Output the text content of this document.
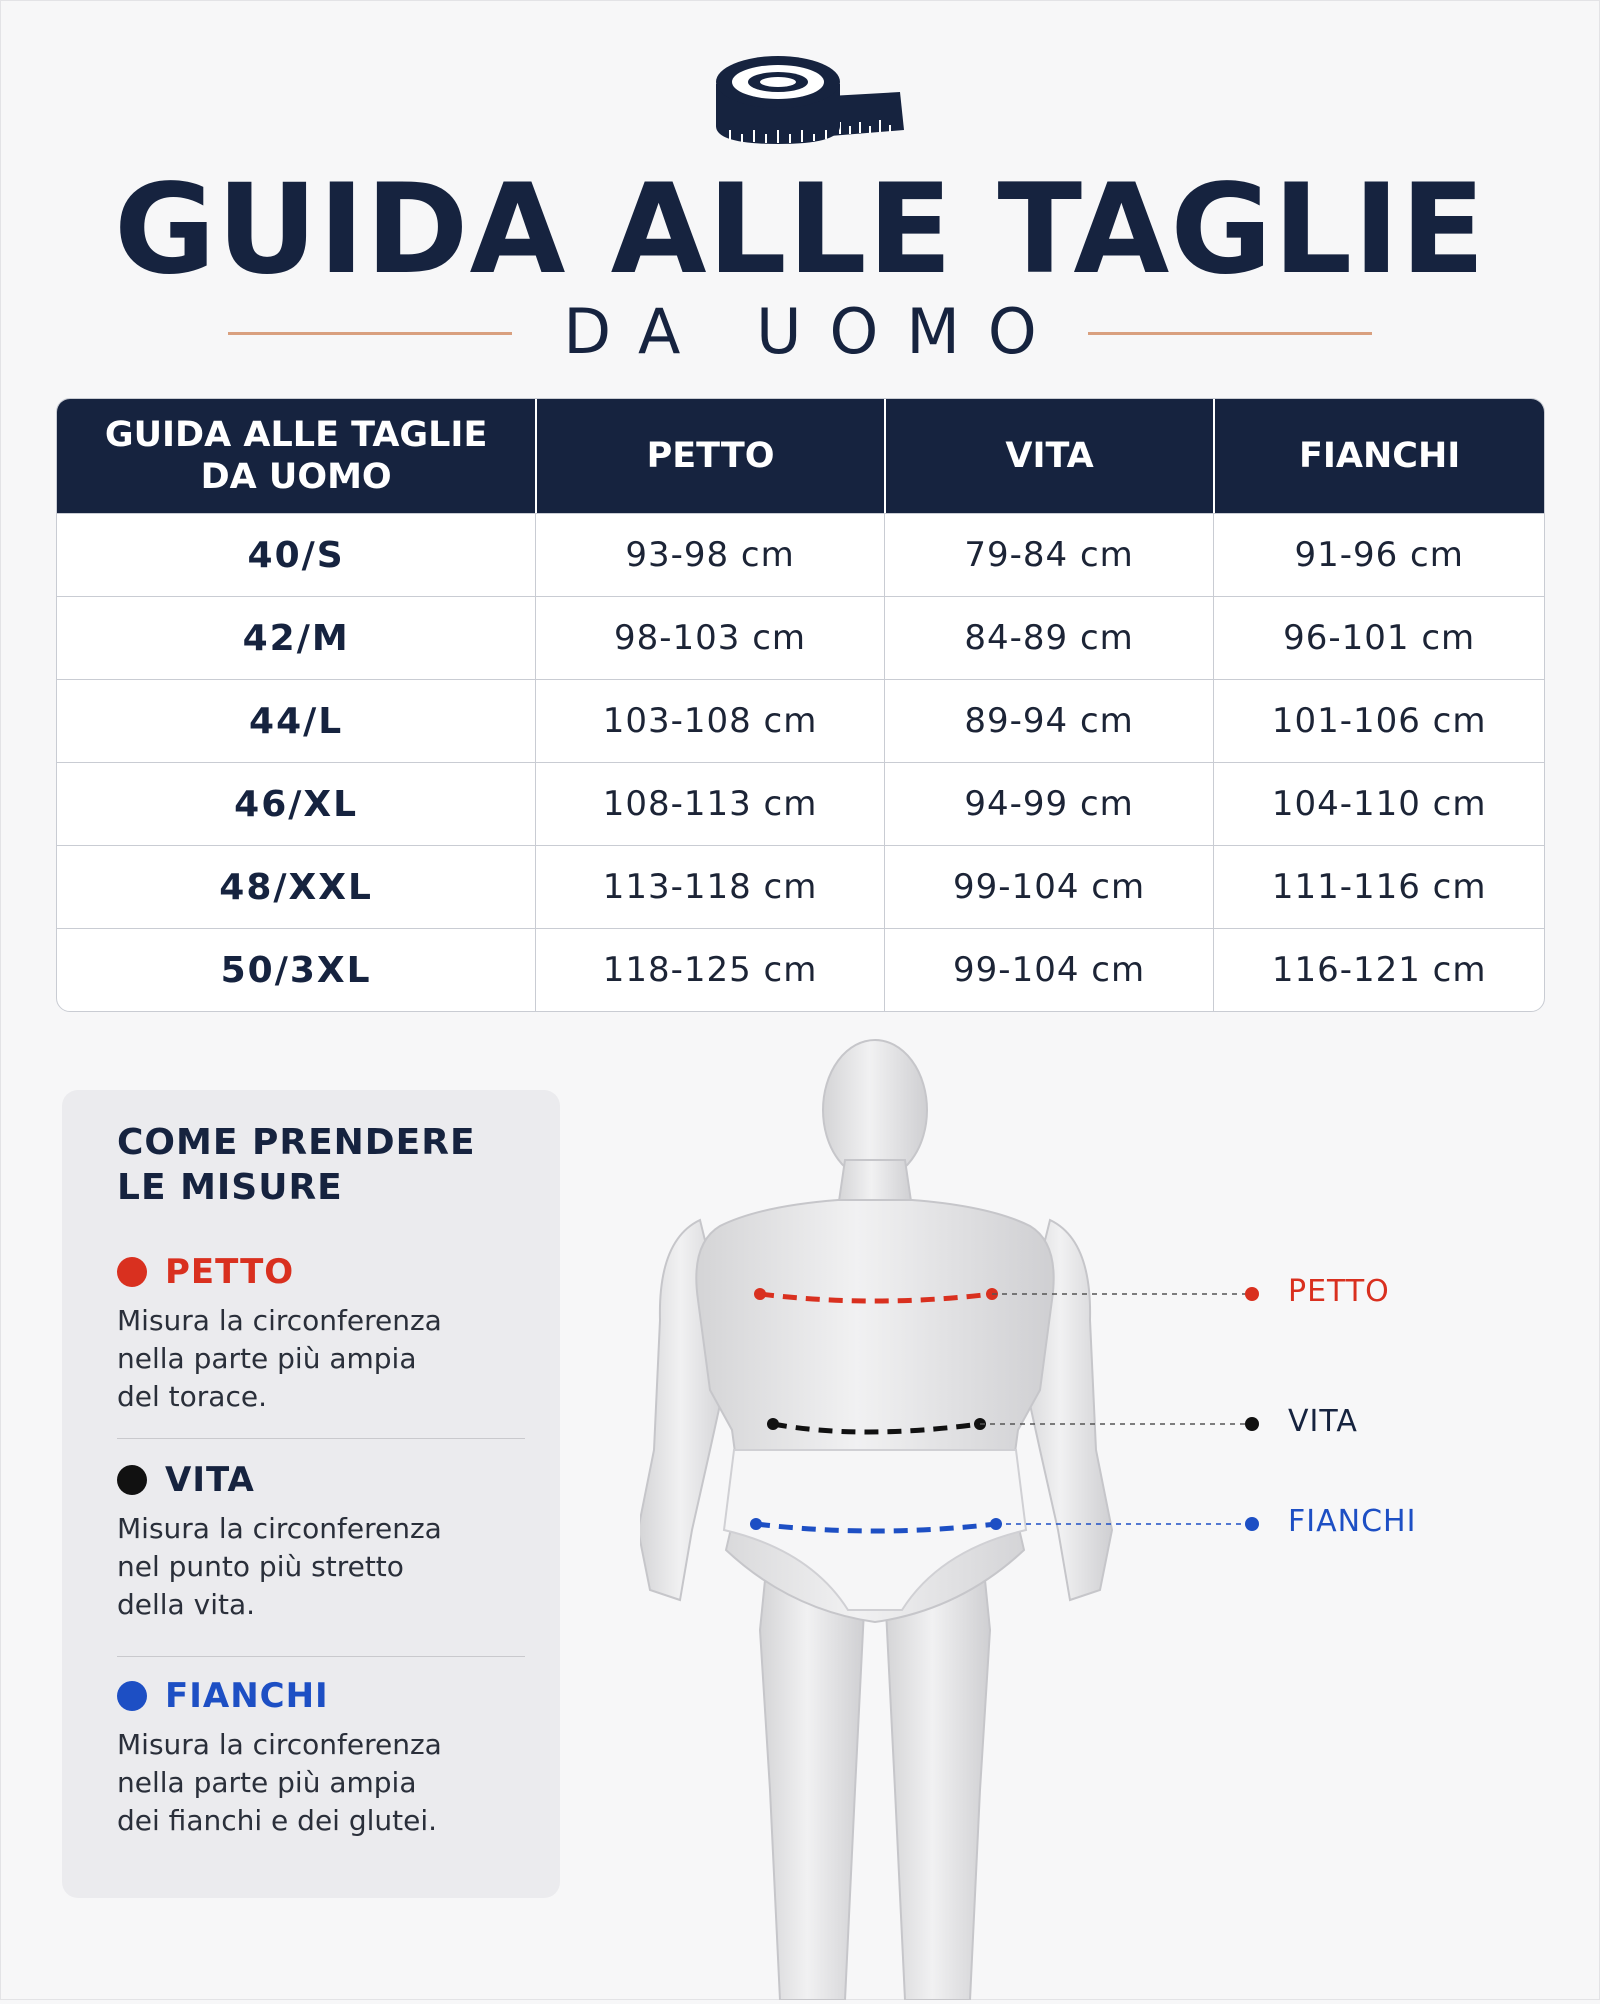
GUIDA ALLE TAGLIE
DA UOMO
GUIDA ALLE TAGLIE
DA UOMO	PETTO	VITA	FIANCHI
40/S	93-98 cm	79-84 cm	91-96 cm
42/M	98-103 cm	84-89 cm	96-101 cm
44/L	103-108 cm	89-94 cm	101-106 cm
46/XL	108-113 cm	94-99 cm	104-110 cm
48/XXL	113-118 cm	99-104 cm	111-116 cm
50/3XL	118-125 cm	99-104 cm	116-121 cm
COME PRENDERE LE MISURE
PETTO
Misura la circonferenza
nella parte più ampia
del torace.
VITA
Misura la circonferenza
nel punto più stretto
della vita.
FIANCHI
Misura la circonferenza
nella parte più ampia
dei fianchi e dei glutei.
PETTO
VITA
FIANCHI
